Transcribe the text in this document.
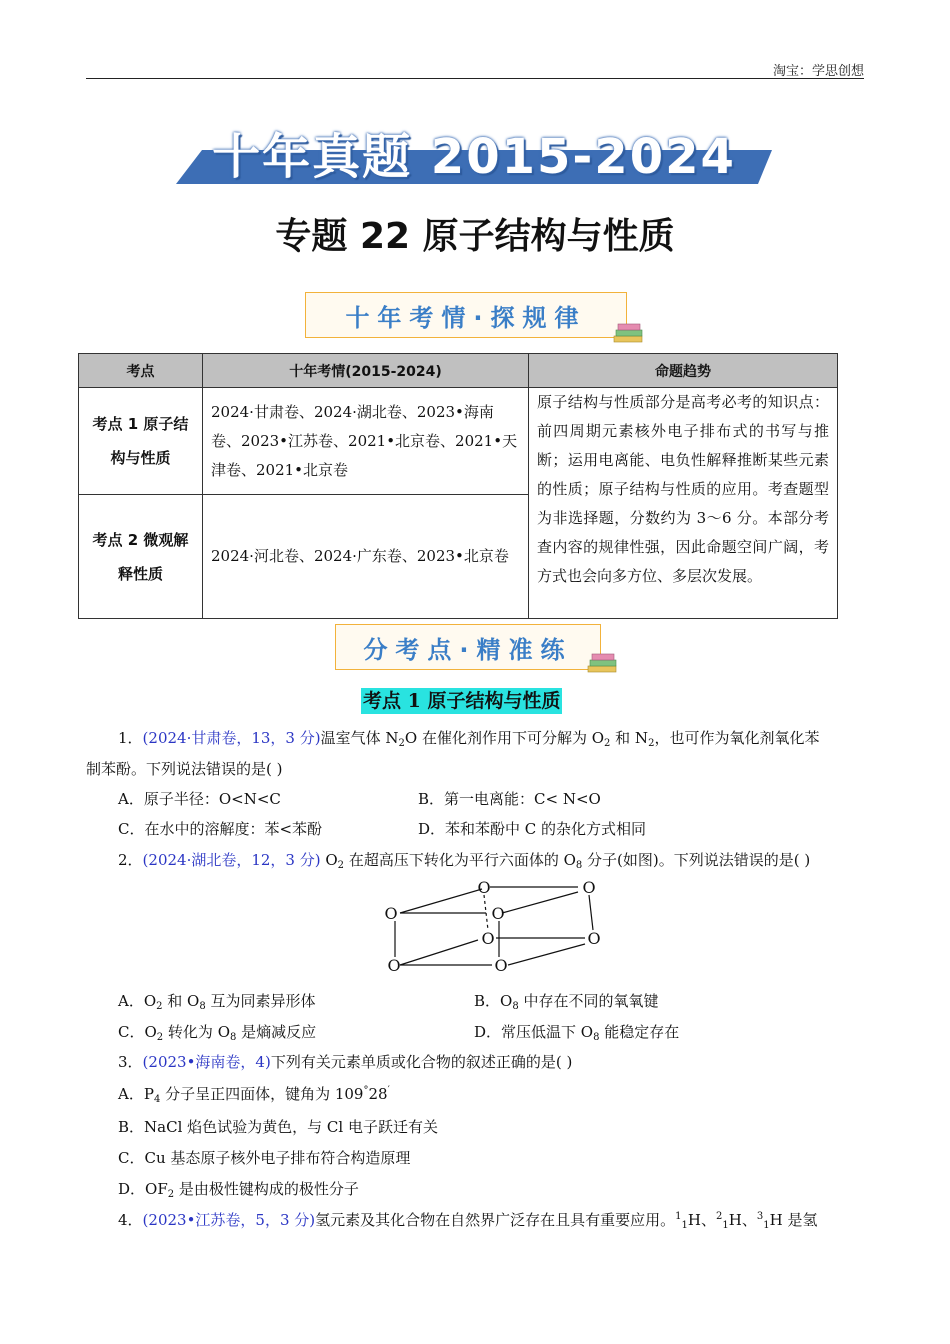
淘宝：学思创想
十年真题 2015-2024
专题 22 原子结构与性质
十年考情·探规律
考点	十年考情(2015-2024)	命题趋势
考点 1 原子结构与性质	2024·甘肃卷、2024·湖北卷、2023•海南卷、2023•江苏卷、2021•北京卷、2021•天津卷、2021•北京卷	原子结构与性质部分是高考必考的知识点：前四周期元素核外电子排布式的书写与推断；运用电离能、电负性解释推断某些元素的性质；原子结构与性质的应用。考查题型为非选择题，分数约为 3～6 分。本部分考查内容的规律性强，因此命题空间广阔，考方式也会向多方位、多层次发展。
考点 2 微观解释性质	2024·河北卷、2024·广东卷、2023•北京卷	
分考点·精准练
考点 1 原子结构与性质
1．(2024·甘肃卷，13，3 分)温室气体 $N_2O$ 在催化剂作用下可分解为 $O_2$ 和 $N_2$，也可作为氧化剂氧化苯
制苯酚。下列说法错误的是( )
A．原子半径：O<N<C	B．第一电离能：C< N<O
C．在水中的溶解度：苯<苯酚	D．苯和苯酚中 C 的杂化方式相同
2．(2024·湖北卷，12，3 分) $O_2$ 在超高压下转化为平行六面体的 $O_8$ 分子(如图)。下列说法错误的是( )
O	O
O	O
O	O
O	O
A．$O_2$ 和 $O_8$ 互为同素异形体	B．$O_8$ 中存在不同的氧氧键
C．$O_2$ 转化为 $O_8$ 是熵减反应	D．常压低温下 $O_8$ 能稳定存在
3．(2023•海南卷，4)下列有关元素单质或化合物的叙述正确的是( )
A．$P_4$ 分子呈正四面体，键角为 109°28′
B．NaCl 焰色试验为黄色，与 Cl 电子跃迁有关
C．Cu 基态原子核外电子排布符合构造原理
D．$OF_2$ 是由极性键构成的极性分子
4．(2023•江苏卷，5，3 分)氢元素及其化合物在自然界广泛存在且具有重要应用。$^1_1$H、$^2_1$H、$^3_1$H 是氢
